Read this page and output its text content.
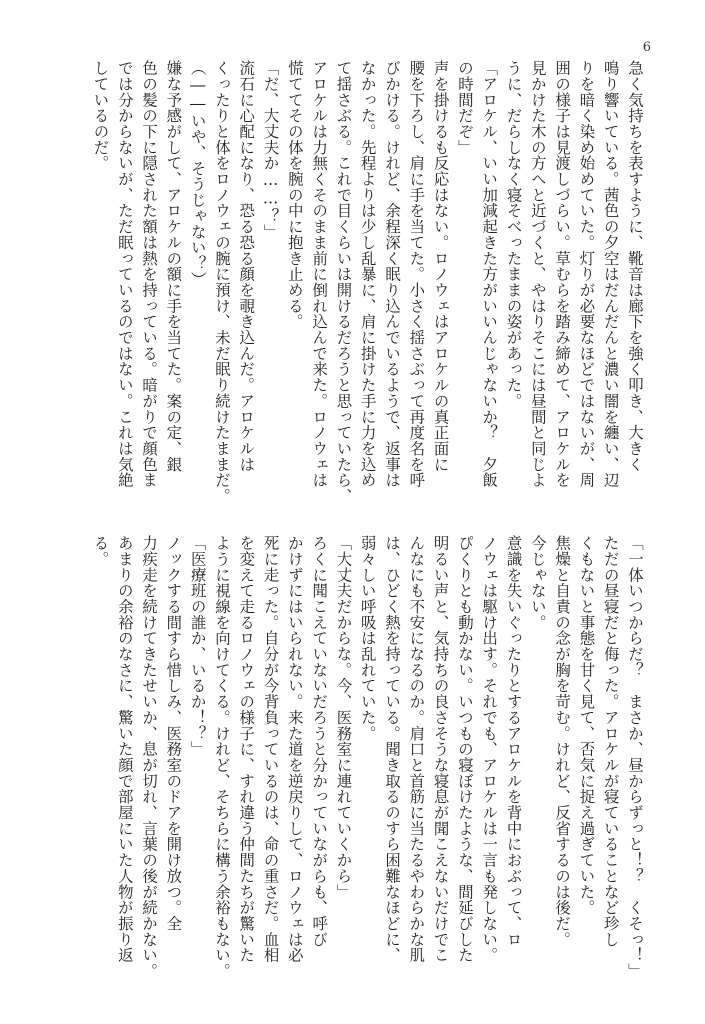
6
急く気持ちを表すように、靴音は廊下を強く叩き、大きく
鳴り響いている。茜色の夕空はだんだんと濃い闇を纏い、辺
りを暗く染め始めていた。灯りが必要なほどではないが、周
囲の様子は見渡しづらい。草むらを踏み締めて、アロケルを
見かけた木の方へと近づくと、やはりそこには昼間と同じよ
うに、だらしなく寝そべったままの姿があった。
「アロケル、いい加減起きた方がいいんじゃないか？　夕飯
の時間だぞ」
声を掛けるも反応はない。ロノウェはアロケルの真正面に
腰を下ろし、肩に手を当てた。小さく揺さぶって再度名を呼
びかける。けれど、余程深く眠り込んでいるようで、返事は
なかった。先程よりは少し乱暴に、肩に掛けた手に力を込め
て揺さぶる。これで目くらいは開けるだろうと思っていたら、
アロケルは力無くそのまま前に倒れ込んで来た。ロノウェは
慌ててその体を腕の中に抱き止める。
「だ、大丈夫か……？」
流石に心配になり、恐る恐る顔を覗き込んだ。アロケルは
くったりと体をロノウェの腕に預け、未だ眠り続けたままだ。
（――いや、そうじゃない？）
嫌な予感がして、アロケルの額に手を当てた。案の定、銀
色の髪の下に隠された額は熱を持っている。暗がりで顔色ま
では分からないが、ただ眠っているのではない。これは気絶
しているのだ。
「一体いつからだ？　まさか、昼からずっと！？　くそっ！」
ただの昼寝だと侮った。アロケルが寝ていることなど珍し
くもないと事態を甘く見て、否気に捉え過ぎていた。
焦燥と自責の念が胸を苛む。けれど、反省するのは後だ。
今じゃない。
意識を失いぐったりとするアロケルを背中におぶって、ロ
ノウェは駆け出す。それでも、アロケルは一言も発しない。
ぴくりとも動かない。いつもの寝ぼけたような、間延びした
明るい声と、気持ちの良さそうな寝息が聞こえないだけでこ
んなにも不安になるのか。肩口と首筋に当たるやわらかな肌
は、ひどく熱を持っている。聞き取るのすら困難なほどに、
弱々しい呼吸は乱れていた。
「大丈夫だからな。今、医務室に連れていくから」
ろくに聞こえていないだろうと分かっていながらも、呼び
かけずにはいられない。来た道を逆戻りして、ロノウェは必
死に走った。自分が今背負っているのは、命の重さだ。血相
を変えて走るロノウェの様子に、すれ違う仲間たちが驚いた
ように視線を向けてくる。けれど、そちらに構う余裕もない。
「医療班の誰か、いるか！？」
ノックする間すら惜しみ、医務室のドアを開け放つ。全
力疾走を続けてきたせいか、息が切れ、言葉の後が続かない。
あまりの余裕のなさに、驚いた顔で部屋にいた人物が振り返
る。
